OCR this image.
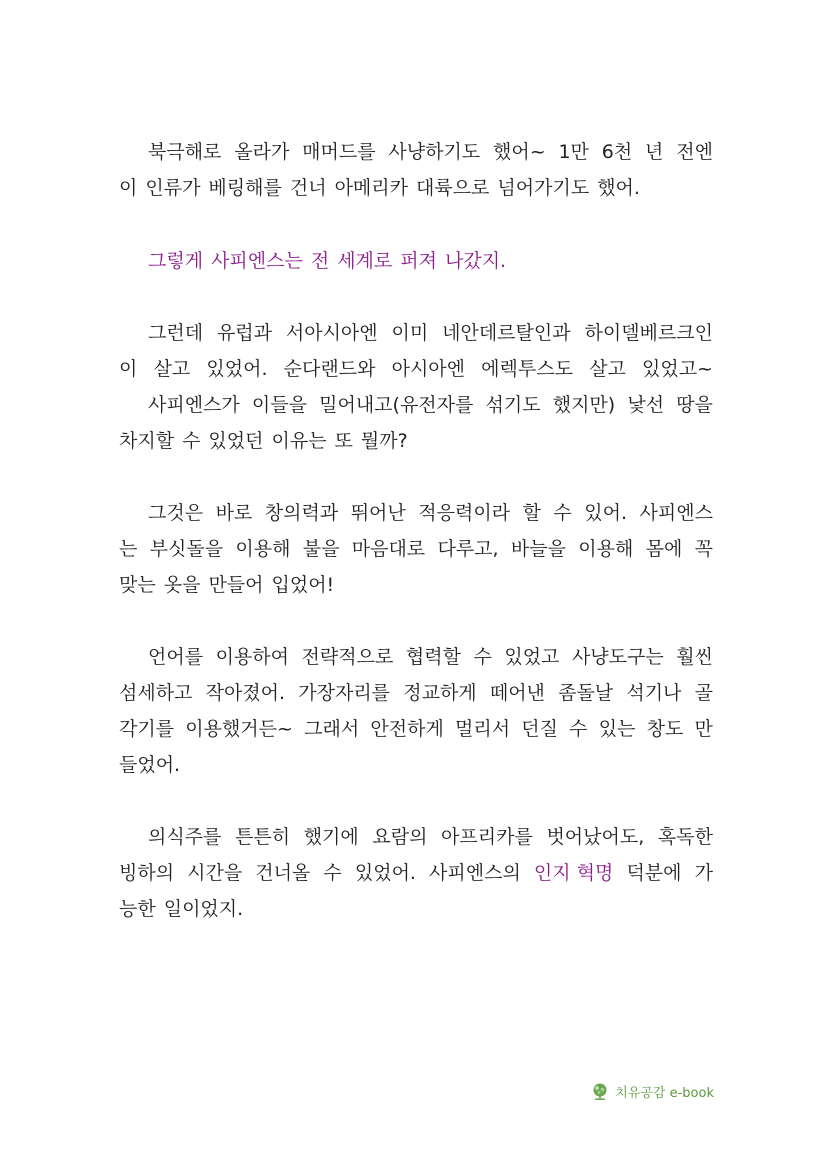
북극해로 올라가 매머드를 사냥하기도 했어~ 1만 6천 년 전엔
이 인류가 베링해를 건너 아메리카 대륙으로 넘어가기도 했어.
그렇게 사피엔스는 전 세계로 퍼져 나갔지.
그런데 유럽과 서아시아엔 이미 네안데르탈인과 하이델베르크인
이 살고 있었어. 순다랜드와 아시아엔 에렉투스도 살고 있었고~
사피엔스가 이들을 밀어내고(유전자를 섞기도 했지만) 낯선 땅을
차지할 수 있었던 이유는 또 뭘까?
그것은 바로 창의력과 뛰어난 적응력이라 할 수 있어. 사피엔스
는 부싯돌을 이용해 불을 마음대로 다루고, 바늘을 이용해 몸에 꼭
맞는 옷을 만들어 입었어!
언어를 이용하여 전략적으로 협력할 수 있었고 사냥도구는 훨씬
섬세하고 작아졌어. 가장자리를 정교하게 떼어낸 좀돌날 석기나 골
각기를 이용했거든~ 그래서 안전하게 멀리서 던질 수 있는 창도 만
들었어.
의식주를 튼튼히 했기에 요람의 아프리카를 벗어났어도, 혹독한
빙하의 시간을 건너올 수 있었어. 사피엔스의 인지 혁명 덕분에 가
능한 일이었지.
치유공감 e-book
